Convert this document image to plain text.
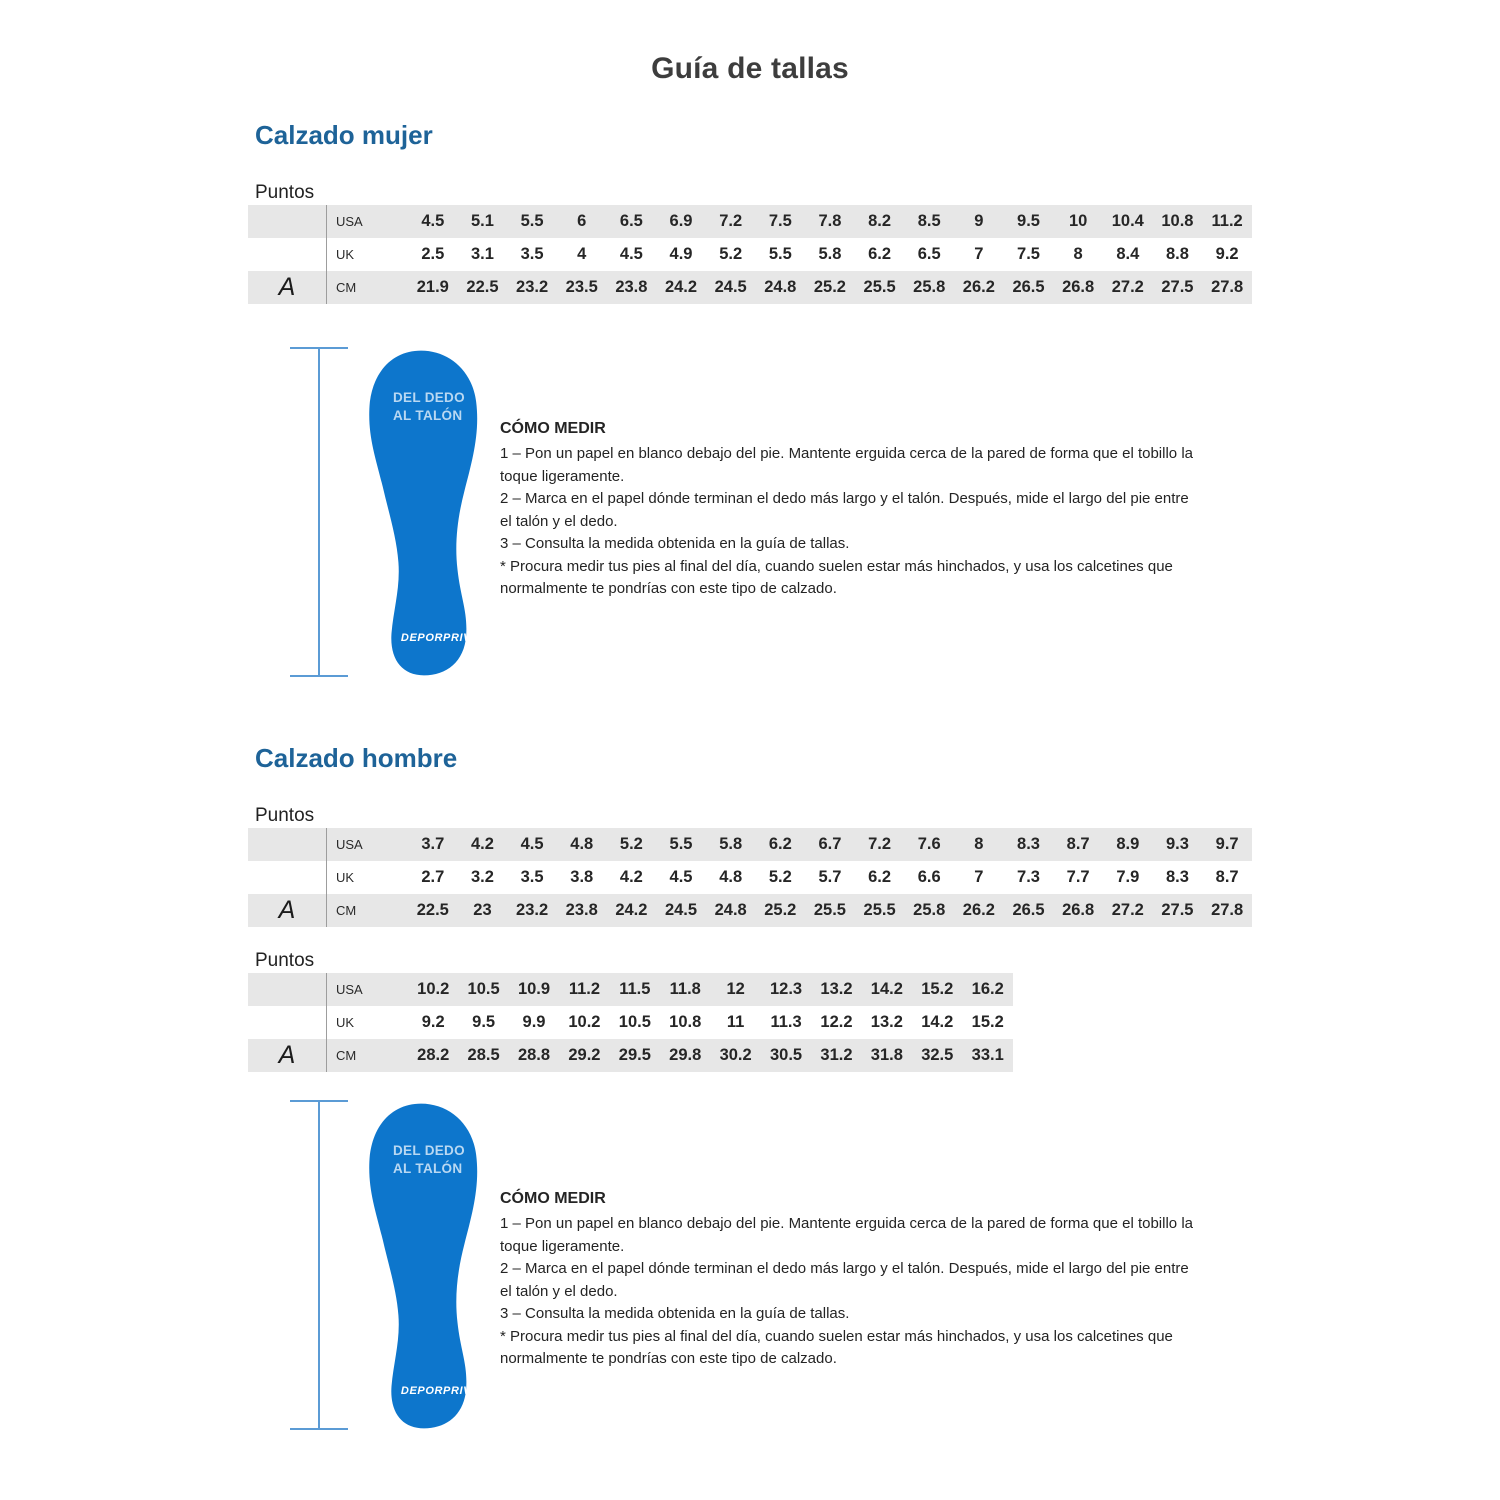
Guía de tallas
Calzado mujer
Puntos
	USA	4.5	5.1	5.5	6	6.5	6.9	7.2	7.5	7.8	8.2	8.5	9	9.5	10	10.4	10.8	11.2
	UK	2.5	3.1	3.5	4	4.5	4.9	5.2	5.5	5.8	6.2	6.5	7	7.5	8	8.4	8.8	9.2
A	CM	21.9	22.5	23.2	23.5	23.8	24.2	24.5	24.8	25.2	25.5	25.8	26.2	26.5	26.8	27.2	27.5	27.8
DEL DEDO
AL TALÓN
DEPORPRIVÉ
CÓMO MEDIR

1 – Pon un papel en blanco debajo del pie. Mantente erguida cerca de la pared de forma que el tobillo la toque ligeramente.

2 – Marca en el papel dónde terminan el dedo más largo y el talón. Después, mide el largo del pie entre el talón y el dedo.

3 – Consulta la medida obtenida en la guía de tallas.

* Procura medir tus pies al final del día, cuando suelen estar más hinchados, y usa los calcetines que normalmente te pondrías con este tipo de calzado.

Calzado hombre
Puntos
	USA	3.7	4.2	4.5	4.8	5.2	5.5	5.8	6.2	6.7	7.2	7.6	8	8.3	8.7	8.9	9.3	9.7
	UK	2.7	3.2	3.5	3.8	4.2	4.5	4.8	5.2	5.7	6.2	6.6	7	7.3	7.7	7.9	8.3	8.7
A	CM	22.5	23	23.2	23.8	24.2	24.5	24.8	25.2	25.5	25.5	25.8	26.2	26.5	26.8	27.2	27.5	27.8
Puntos
	USA	10.2	10.5	10.9	11.2	11.5	11.8	12	12.3	13.2	14.2	15.2	16.2
	UK	9.2	9.5	9.9	10.2	10.5	10.8	11	11.3	12.2	13.2	14.2	15.2
A	CM	28.2	28.5	28.8	29.2	29.5	29.8	30.2	30.5	31.2	31.8	32.5	33.1
DEL DEDO
AL TALÓN
DEPORPRIVÉ
CÓMO MEDIR

1 – Pon un papel en blanco debajo del pie. Mantente erguida cerca de la pared de forma que el tobillo la toque ligeramente.

2 – Marca en el papel dónde terminan el dedo más largo y el talón. Después, mide el largo del pie entre el talón y el dedo.

3 – Consulta la medida obtenida en la guía de tallas.

* Procura medir tus pies al final del día, cuando suelen estar más hinchados, y usa los calcetines que normalmente te pondrías con este tipo de calzado.
